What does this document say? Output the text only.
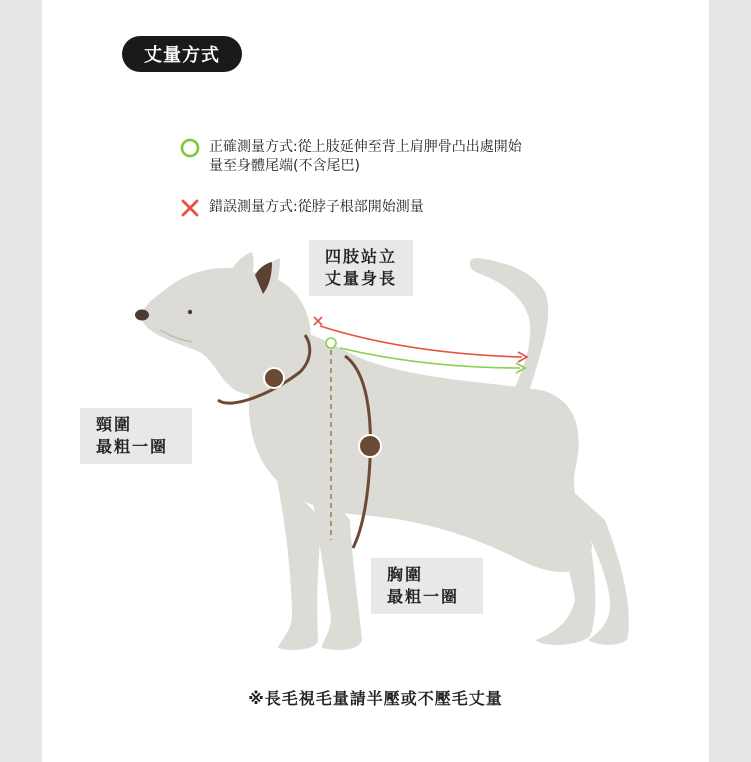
丈量方式
正確測量方式:從上肢延伸至背上肩胛骨凸出處開始
量至身體尾端(不含尾巴)
錯誤測量方式:從脖子根部開始測量
四肢站立
丈量身長
頸圍
最粗一圈
胸圍
最粗一圈
※長毛視毛量請半壓或不壓毛丈量
